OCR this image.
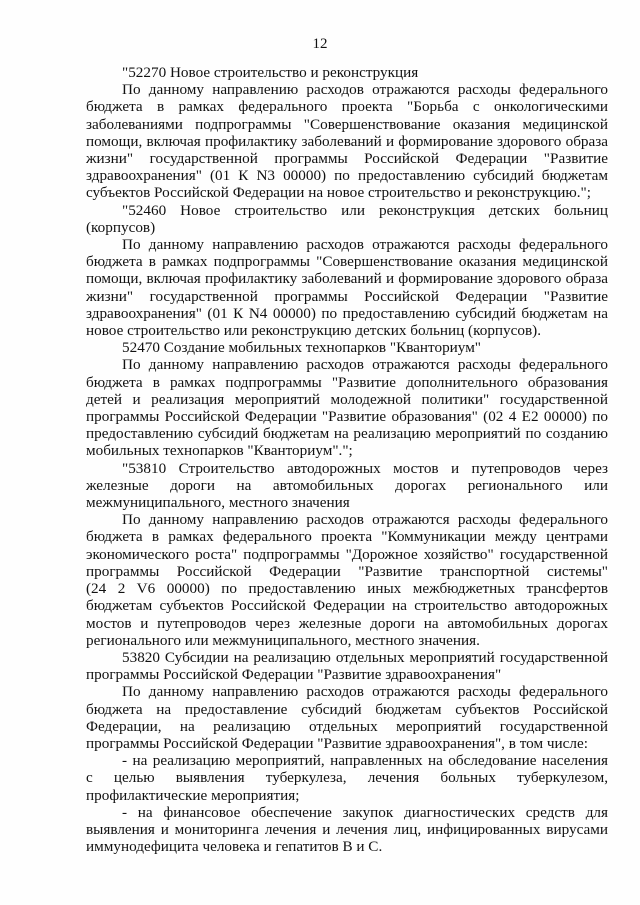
12
"52270 Новое строительство и реконструкция
По данному направлению расходов отражаются расходы федерального
бюджета в рамках федерального проекта "Борьба с онкологическими
заболеваниями подпрограммы "Совершенствование оказания медицинской
помощи, включая профилактику заболеваний и формирование здорового образа
жизни" государственной программы Российской Федерации "Развитие
здравоохранения" (01 К N3 00000) по предоставлению субсидий бюджетам
субъектов Российской Федерации на новое строительство и реконструкцию.";
"52460 Новое строительство или реконструкция детских больниц
(корпусов)
По данному направлению расходов отражаются расходы федерального
бюджета в рамках подпрограммы "Совершенствование оказания медицинской
помощи, включая профилактику заболеваний и формирование здорового образа
жизни" государственной программы Российской Федерации "Развитие
здравоохранения" (01 К N4 00000) по предоставлению субсидий бюджетам на
новое строительство или реконструкцию детских больниц (корпусов).
52470 Создание мобильных технопарков "Кванториум"
По данному направлению расходов отражаются расходы федерального
бюджета в рамках подпрограммы "Развитие дополнительного образования
детей и реализация мероприятий молодежной политики" государственной
программы Российской Федерации "Развитие образования" (02 4 Е2 00000) по
предоставлению субсидий бюджетам на реализацию мероприятий по созданию
мобильных технопарков "Кванториум".";
"53810 Строительство автодорожных мостов и путепроводов через
железные дороги на автомобильных дорогах регионального или
межмуниципального, местного значения
По данному направлению расходов отражаются расходы федерального
бюджета в рамках федерального проекта "Коммуникации между центрами
экономического роста" подпрограммы "Дорожное хозяйство" государственной
программы Российской Федерации "Развитие транспортной системы"
(24 2 V6 00000) по предоставлению иных межбюджетных трансфертов
бюджетам субъектов Российской Федерации на строительство автодорожных
мостов и путепроводов через железные дороги на автомобильных дорогах
регионального или межмуниципального, местного значения.
53820 Субсидии на реализацию отдельных мероприятий государственной
программы Российской Федерации "Развитие здравоохранения"
По данному направлению расходов отражаются расходы федерального
бюджета на предоставление субсидий бюджетам субъектов Российской
Федерации, на реализацию отдельных мероприятий государственной
программы Российской Федерации "Развитие здравоохранения", в том числе:
- на реализацию мероприятий, направленных на обследование населения
с целью выявления туберкулеза, лечения больных туберкулезом,
профилактические мероприятия;
- на финансовое обеспечение закупок диагностических средств для
выявления и мониторинга лечения и лечения лиц, инфицированных вирусами
иммунодефицита человека и гепатитов В и С.
